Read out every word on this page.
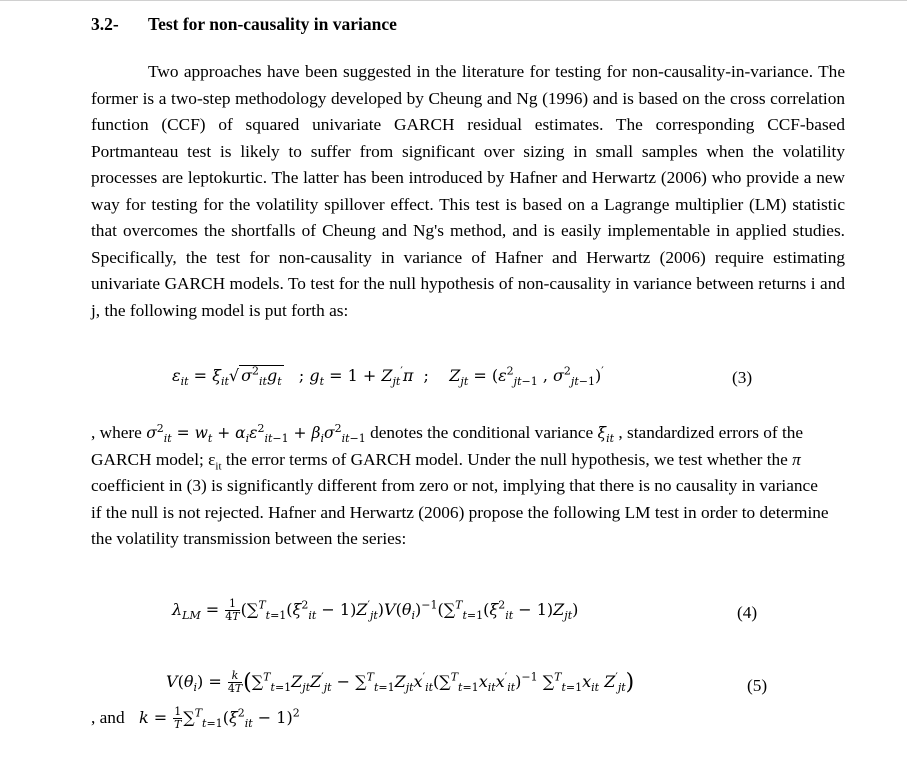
3.2- Test for non-causality in variance

Two approaches have been suggested in the literature for testing for non-causality-in-variance. The former is a two-step methodology developed by Cheung and Ng (1996) and is based on the cross correlation function (CCF) of squared univariate GARCH residual estimates. The corresponding CCF-based Portmanteau test is likely to suffer from significant over sizing in small samples when the volatility processes are leptokurtic. The latter has been introduced by Hafner and Herwartz (2006) who provide a new way for testing for the volatility spillover effect. This test is based on a Lagrange multiplier (LM) statistic that overcomes the shortfalls of Cheung and Ng's method, and is easily implementable in applied studies. Specifically, the test for non-causality in variance of Hafner and Herwartz (2006) require estimating univariate GARCH models. To test for the null hypothesis of non-causality in variance between returns i and j, the following model is put forth as:

$\varepsilon_{it} = \xi_{it}√$ $\sigma^2_{it}g_t$   ; $g_t = 1 + Z_{jt}'\pi$  ;    $Z_{jt} = (\varepsilon^2_{jt-1}$ , $\sigma^2_{jt-1})'$	(3)

, where $\sigma^2_{it} = w_t + \alpha_i\varepsilon^2_{it-1} + \beta_i\sigma^2_{it-1}$ denotes the conditional variance $\xi_{it}$ , standardized errors of the GARCH model; $\varepsilon_{it}$ the error terms of GARCH model. Under the null hypothesis, we test whether the π coefficient in (3) is significantly different from zero or not, implying that there is no causality in variance if the null is not rejected. Hafner and Herwartz (2006) propose the following LM test in order to determine the volatility transmission between the series:

$\lambda_{LM} = \frac{1}{4T} (\sum^T_{t=1}(\xi^2_{it} - 1)Z'_{jt})V(\theta_i)^{-1}(\sum^T_{t=1}(\xi^2_{it} - 1)Z_{jt})$	(4)
$V(\theta_i) = \frac{k}{4T} (\sum^T_{t=1}Z_{jt}Z'_{jt} - \sum^T_{t=1}Z_{jt}x'_{it}(\sum^T_{t=1}x_{it}x'_{it})^{-1}$ $\sum^T_{t=1}x_{it}$ $Z'_{jt}$)	(5)
, and $k = \frac{1}{T} \sum^T_{t=1}(\xi^2_{it} - 1)^2$
